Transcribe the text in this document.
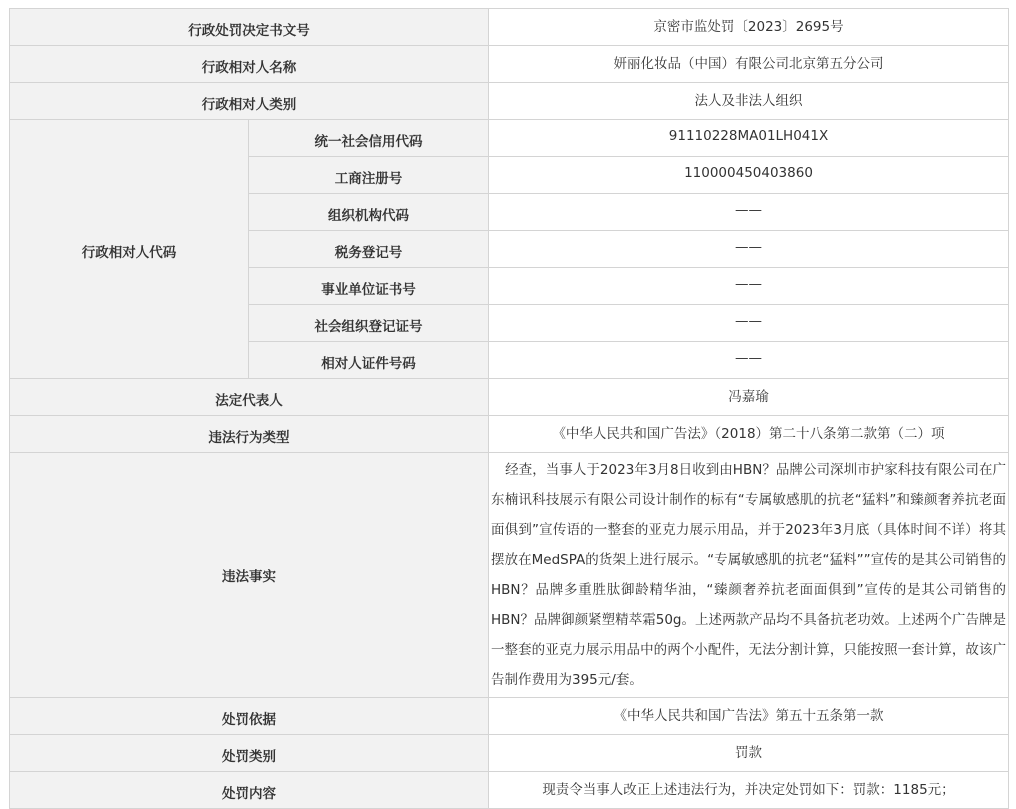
行政处罚决定书文号		京密市监处罚〔2023〕2695号
行政相对人名称		妍丽化妆品（中国）有限公司北京第五分公司
行政相对人类别		法人及非法人组织
行政相对人代码	统一社会信用代码	91110228MA01LH041X
	工商注册号	110000450403860
	组织机构代码	——
	税务登记号	——
	事业单位证书号	——
	社会组织登记证号	——
	相对人证件号码	——
法定代表人		冯嘉瑜
违法行为类型		《中华人民共和国广告法》（2018）第二十八条第二款第（二）项
违法事实		经查，当事人于2023年3月8日收到由HBN？品牌公司深圳市护家科技有限公司在广东楠讯科技展示有限公司设计制作的标有“专属敏感肌的抗老“猛料”和臻颜奢养抗老面面俱到”宣传语的一整套的亚克力展示用品，并于2023年3月底（具体时间不详）将其摆放在MedSPA的货架上进行展示。“专属敏感肌的抗老“猛料””宣传的是其公司销售的HBN？品牌多重胜肽御龄精华油，“臻颜奢养抗老面面俱到”宣传的是其公司销售的HBN？品牌御颜紧塑精萃霜50g。上述两款产品均不具备抗老功效。上述两个广告牌是一整套的亚克力展示用品中的两个小配件，无法分割计算，只能按照一套计算，故该广告制作费用为395元/套。

处罚依据		《中华人民共和国广告法》第五十五条第一款
处罚类别		罚款
处罚内容		现责令当事人改正上述违法行为，并决定处罚如下：罚款：1185元；
